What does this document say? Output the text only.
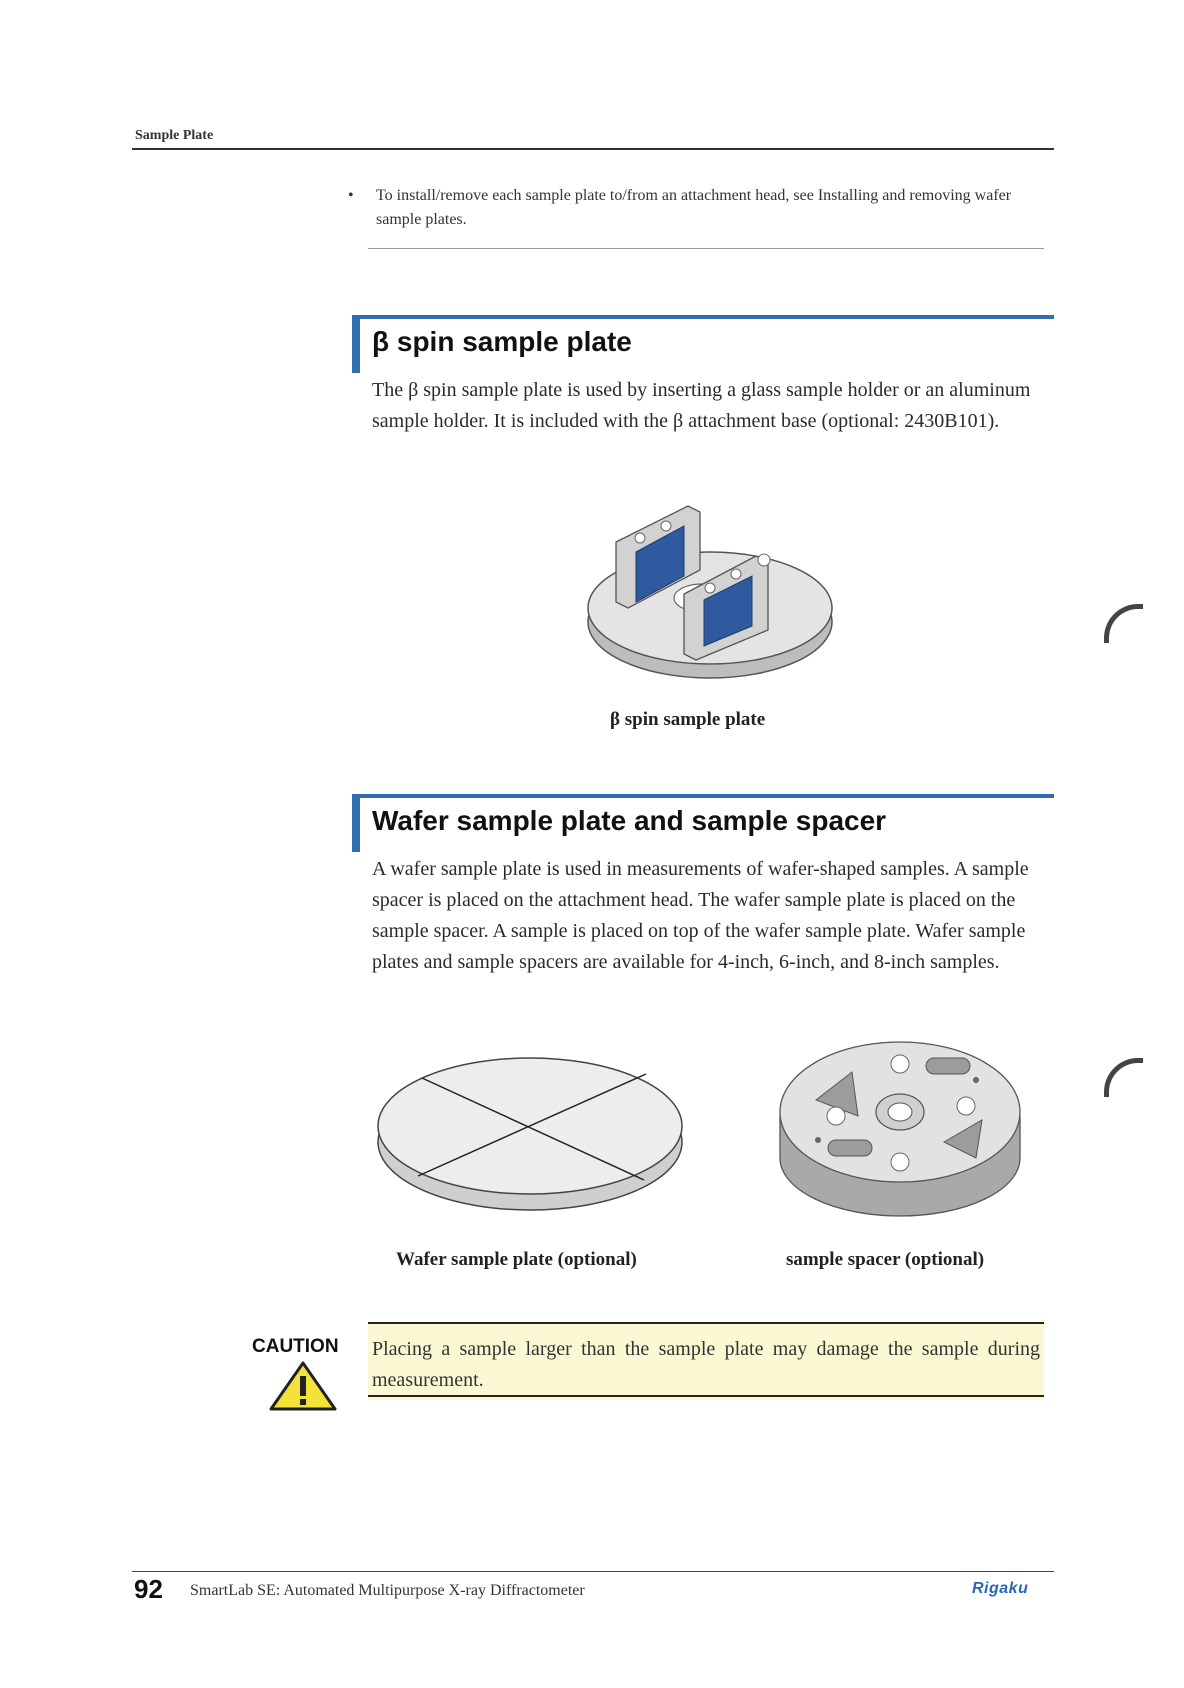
Sample Plate
• To install/remove each sample plate to/from an attachment head, see Installing and removing wafer sample plates.
β spin sample plate
The β spin sample plate is used by inserting a glass sample holder or an aluminum sample holder. It is included with the β attachment base (optional: 2430B101).
β spin sample plate
Wafer sample plate and sample spacer
A wafer sample plate is used in measurements of wafer-shaped samples. A sample spacer is placed on the attachment head. The wafer sample plate is placed on the sample spacer. A sample is placed on top of the wafer sample plate. Wafer sample plates and sample spacers are available for 4-inch, 6-inch, and 8-inch samples.
Wafer sample plate (optional)	sample spacer (optional)
CAUTION Placing a sample larger than the sample plate may damage the sample during measurement.
92 SmartLab SE: Automated Multipurpose X-ray Diffractometer	Rigaku
